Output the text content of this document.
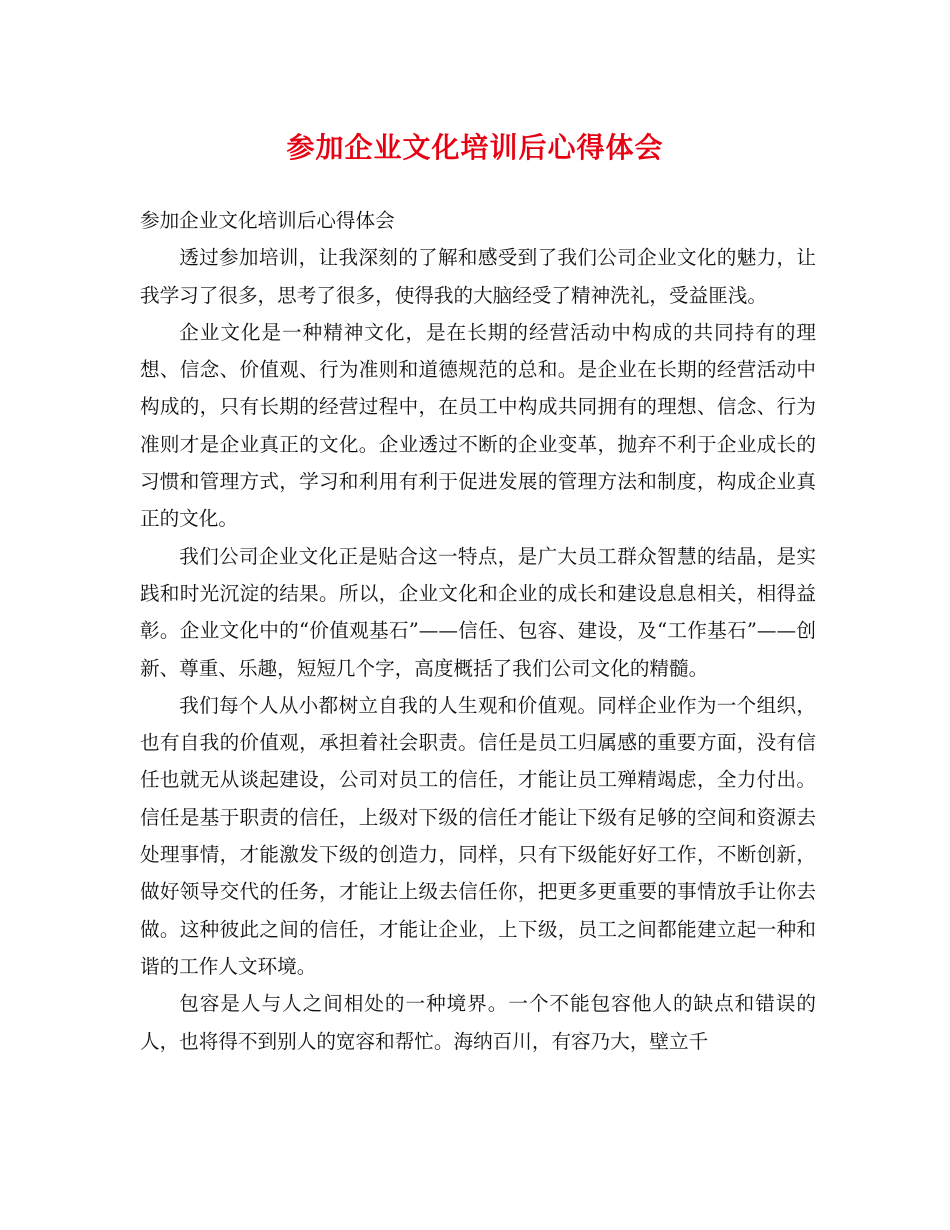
参加企业文化培训后心得体会

参加企业文化培训后心得体会

透过参加培训，让我深刻的了解和感受到了我们公司企业文化的魅力，让我学习了很多，思考了很多，使得我的大脑经受了精神洗礼，受益匪浅。

企业文化是一种精神文化，是在长期的经营活动中构成的共同持有的理想、信念、价值观、行为准则和道德规范的总和。是企业在长期的经营活动中构成的，只有长期的经营过程中，在员工中构成共同拥有的理想、信念、行为准则才是企业真正的文化。企业透过不断的企业变革，抛弃不利于企业成长的习惯和管理方式，学习和利用有利于促进发展的管理方法和制度，构成企业真正的文化。

我们公司企业文化正是贴合这一特点，是广大员工群众智慧的结晶，是实践和时光沉淀的结果。所以，企业文化和企业的成长和建设息息相关，相得益彰。企业文化中的“价值观基石”——信任、包容、建设，及“工作基石”——创新、尊重、乐趣，短短几个字，高度概括了我们公司文化的精髓。

我们每个人从小都树立自我的人生观和价值观。同样企业作为一个组织，也有自我的价值观，承担着社会职责。信任是员工归属感的重要方面，没有信任也就无从谈起建设，公司对员工的信任，才能让员工殚精竭虑，全力付出。信任是基于职责的信任，上级对下级的信任才能让下级有足够的空间和资源去处理事情，才能激发下级的创造力，同样，只有下级能好好工作，不断创新，做好领导交代的任务，才能让上级去信任你，把更多更重要的事情放手让你去做。这种彼此之间的信任，才能让企业，上下级，员工之间都能建立起一种和谐的工作人文环境。

包容是人与人之间相处的一种境界。一个不能包容他人的缺点和错误的人，也将得不到别人的宽容和帮忙。海纳百川，有容乃大，壁立千
